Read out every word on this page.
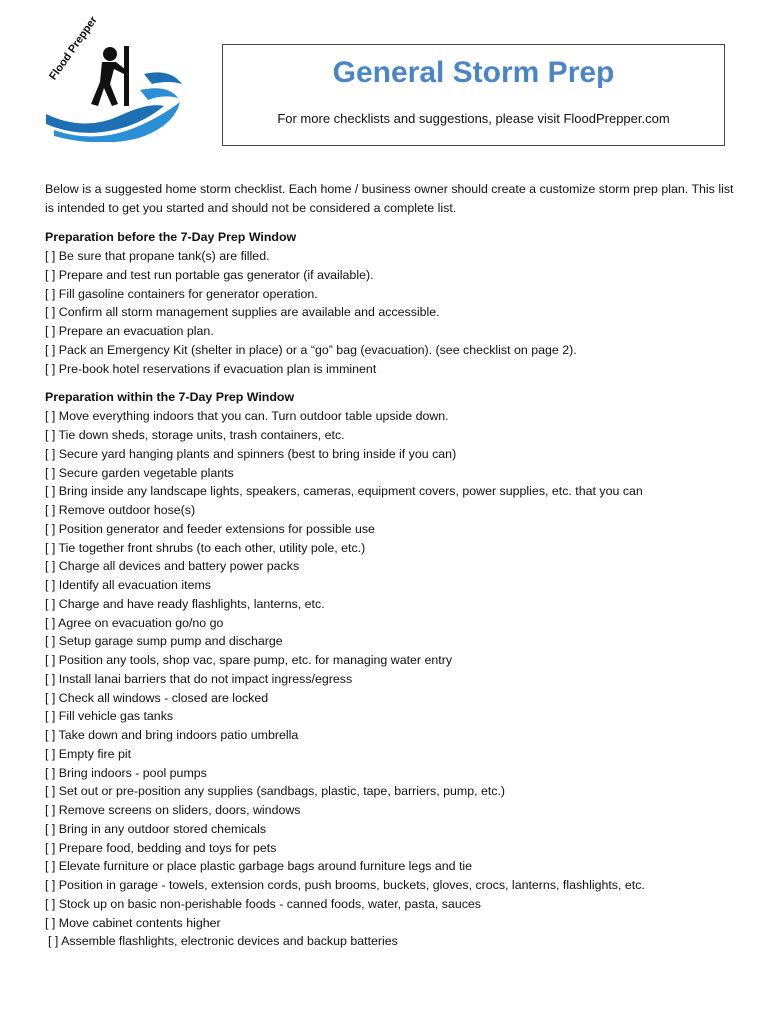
Flood Prepper	General Storm Prep
For more checklists and suggestions, please visit FloodPrepper.com

Below is a suggested home storm checklist. Each home / business owner should create a customize storm prep plan. This list is intended to get you started and should not be considered a complete list.

Preparation before the 7-Day Prep Window

[ ] Be sure that propane tank(s) are filled.
[ ] Prepare and test run portable gas generator (if available).
[ ] Fill gasoline containers for generator operation.
[ ] Confirm all storm management supplies are available and accessible.
[ ] Prepare an evacuation plan.
[ ] Pack an Emergency Kit (shelter in place) or a “go” bag (evacuation). (see checklist on page 2).
[ ] Pre-book hotel reservations if evacuation plan is imminent

Preparation within the 7-Day Prep Window

[ ] Move everything indoors that you can. Turn outdoor table upside down.
[ ] Tie down sheds, storage units, trash containers, etc.
[ ] Secure yard hanging plants and spinners (best to bring inside if you can)
[ ] Secure garden vegetable plants
[ ] Bring inside any landscape lights, speakers, cameras, equipment covers, power supplies, etc. that you can
[ ] Remove outdoor hose(s)
[ ] Position generator and feeder extensions for possible use
[ ] Tie together front shrubs (to each other, utility pole, etc.)
[ ] Charge all devices and battery power packs
[ ] Identify all evacuation items
[ ] Charge and have ready flashlights, lanterns, etc.
[ ] Agree on evacuation go/no go
[ ] Setup garage sump pump and discharge
[ ] Position any tools, shop vac, spare pump, etc. for managing water entry
[ ] Install lanai barriers that do not impact ingress/egress
[ ] Check all windows - closed are locked
[ ] Fill vehicle gas tanks
[ ] Take down and bring indoors patio umbrella
[ ] Empty fire pit
[ ] Bring indoors - pool pumps
[ ] Set out or pre-position any supplies (sandbags, plastic, tape, barriers, pump, etc.)
[ ] Remove screens on sliders, doors, windows
[ ] Bring in any outdoor stored chemicals
[ ] Prepare food, bedding and toys for pets
[ ] Elevate furniture or place plastic garbage bags around furniture legs and tie
[ ] Position in garage - towels, extension cords, push brooms, buckets, gloves, crocs, lanterns, flashlights, etc.
[ ] Stock up on basic non-perishable foods - canned foods, water, pasta, sauces
[ ] Move cabinet contents higher
[ ] Assemble flashlights, electronic devices and backup batteries
